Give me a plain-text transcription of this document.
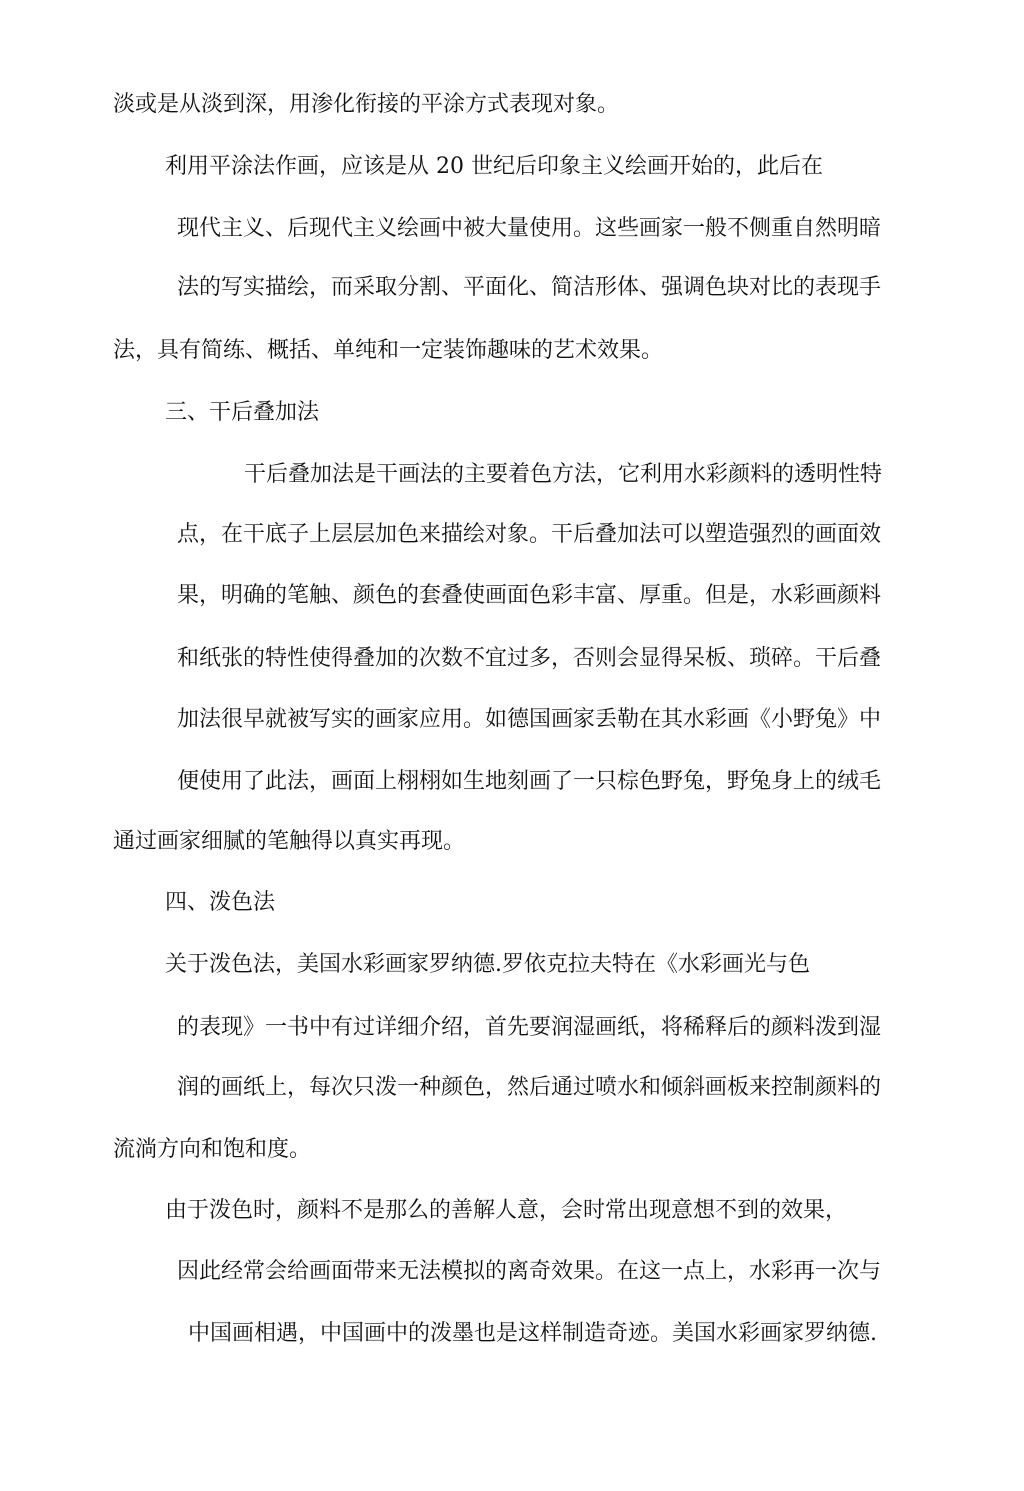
淡或是从淡到深，用渗化衔接的平涂方式表现对象。
利用平涂法作画，应该是从 20 世纪后印象主义绘画开始的，此后在
现代主义、后现代主义绘画中被大量使用。这些画家一般不侧重自然明暗
法的写实描绘，而采取分割、平面化、简洁形体、强调色块对比的表现手
法，具有简练、概括、单纯和一定装饰趣味的艺术效果。
三、干后叠加法
干后叠加法是干画法的主要着色方法，它利用水彩颜料的透明性特
点，在干底子上层层加色来描绘对象。干后叠加法可以塑造强烈的画面效
果，明确的笔触、颜色的套叠使画面色彩丰富、厚重。但是，水彩画颜料
和纸张的特性使得叠加的次数不宜过多，否则会显得呆板、琐碎。干后叠
加法很早就被写实的画家应用。如德国画家丢勒在其水彩画《小野兔》中
便使用了此法，画面上栩栩如生地刻画了一只棕色野兔，野兔身上的绒毛
通过画家细腻的笔触得以真实再现。
四、泼色法
关于泼色法，美国水彩画家罗纳德.罗依克拉夫特在《水彩画光与色
的表现》一书中有过详细介绍，首先要润湿画纸，将稀释后的颜料泼到湿
润的画纸上，每次只泼一种颜色，然后通过喷水和倾斜画板来控制颜料的
流淌方向和饱和度。
由于泼色时，颜料不是那么的善解人意，会时常出现意想不到的效果，
因此经常会给画面带来无法模拟的离奇效果。在这一点上，水彩再一次与
中国画相遇，中国画中的泼墨也是这样制造奇迹。美国水彩画家罗纳德.
